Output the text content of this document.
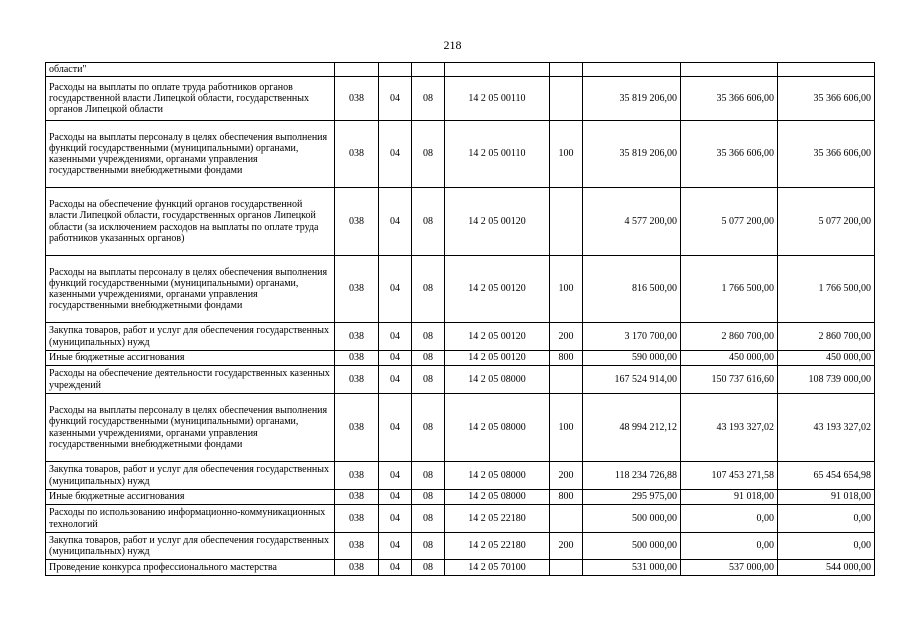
218
области"								
Расходы на выплаты по оплате труда работников органов государственной власти Липецкой области, государственных органов Липецкой области	038	04	08	14 2 05 00110		35 819 206,00	35 366 606,00	35 366 606,00
Расходы на выплаты персоналу в целях обеспечения выполнения функций государственными (муниципальными) органами, казенными учреждениями, органами управления государственными внебюджетными фондами	038	04	08	14 2 05 00110	100	35 819 206,00	35 366 606,00	35 366 606,00
Расходы на обеспечение функций органов государственной власти Липецкой области, государственных органов Липецкой области (за исключением расходов на выплаты по оплате труда работников указанных органов)	038	04	08	14 2 05 00120		4 577 200,00	5 077 200,00	5 077 200,00
Расходы на выплаты персоналу в целях обеспечения выполнения функций государственными (муниципальными) органами, казенными учреждениями, органами управления государственными внебюджетными фондами	038	04	08	14 2 05 00120	100	816 500,00	1 766 500,00	1 766 500,00
Закупка товаров, работ и услуг для обеспечения государственных (муниципальных) нужд	038	04	08	14 2 05 00120	200	3 170 700,00	2 860 700,00	2 860 700,00
Иные бюджетные ассигнования	038	04	08	14 2 05 00120	800	590 000,00	450 000,00	450 000,00
Расходы на обеспечение деятельности государственных казенных учреждений	038	04	08	14 2 05 08000		167 524 914,00	150 737 616,60	108 739 000,00
Расходы на выплаты персоналу в целях обеспечения выполнения функций государственными (муниципальными) органами, казенными учреждениями, органами управления государственными внебюджетными фондами	038	04	08	14 2 05 08000	100	48 994 212,12	43 193 327,02	43 193 327,02
Закупка товаров, работ и услуг для обеспечения государственных (муниципальных) нужд	038	04	08	14 2 05 08000	200	118 234 726,88	107 453 271,58	65 454 654,98
Иные бюджетные ассигнования	038	04	08	14 2 05 08000	800	295 975,00	91 018,00	91 018,00
Расходы по использованию информационно-коммуникационных технологий	038	04	08	14 2 05 22180		500 000,00	0,00	0,00
Закупка товаров, работ и услуг для обеспечения государственных (муниципальных) нужд	038	04	08	14 2 05 22180	200	500 000,00	0,00	0,00
Проведение конкурса профессионального мастерства	038	04	08	14 2 05 70100		531 000,00	537 000,00	544 000,00
